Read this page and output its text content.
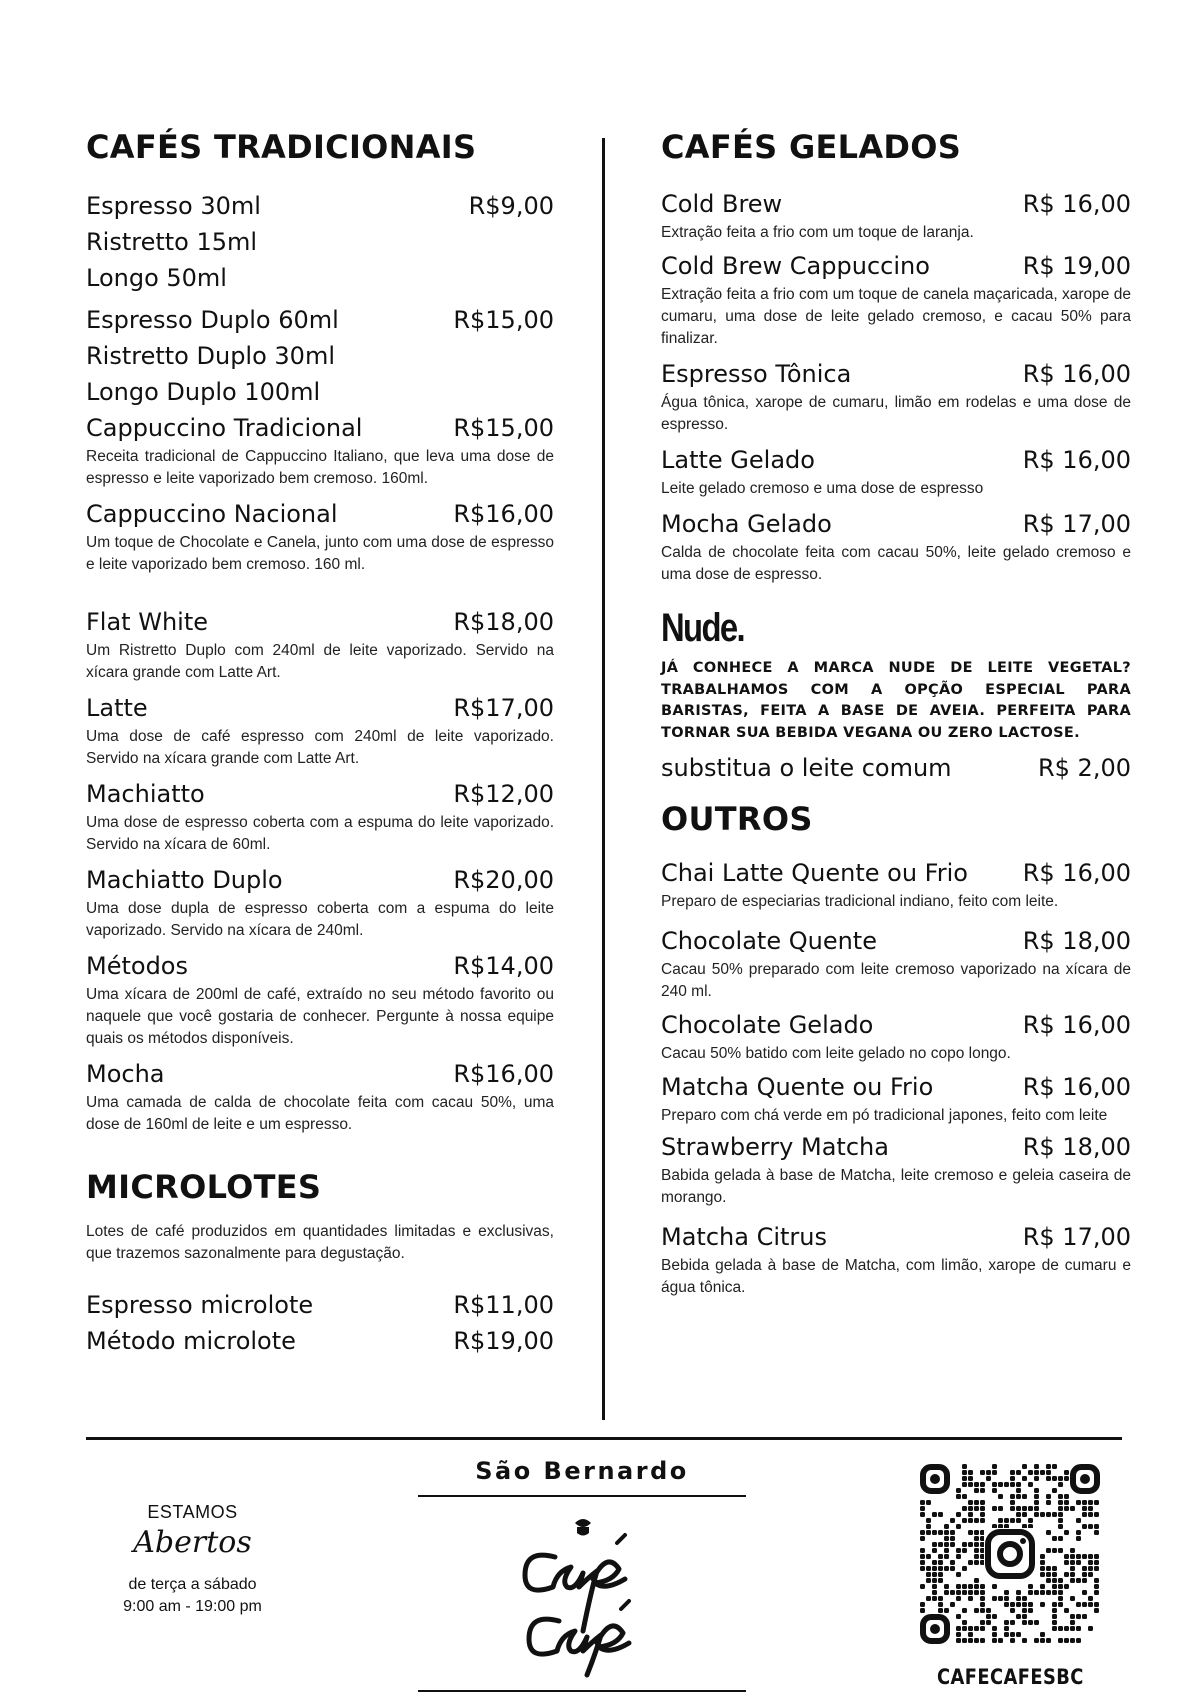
CAFÉS TRADICIONAIS
Espresso 30ml	R$9,00
Ristretto 15ml
Longo 50ml
Espresso Duplo 60ml	R$15,00
Ristretto Duplo 30ml
Longo Duplo 100ml
Cappuccino Tradicional	R$15,00

Receita tradicional de Cappuccino Italiano, que leva uma dose de espresso e leite vaporizado bem cremoso. 160ml.

Cappuccino Nacional	R$16,00

Um toque de Chocolate e Canela, junto com uma dose de espresso e leite vaporizado bem cremoso. 160 ml.

Flat White	R$18,00

Um Ristretto Duplo com 240ml de leite vaporizado. Servido na xícara grande com Latte Art.

Latte	R$17,00

Uma dose de café espresso com 240ml de leite vaporizado. Servido na xícara grande com Latte Art.

Machiatto	R$12,00

Uma dose de espresso coberta com a espuma do leite vaporizado. Servido na xícara de 60ml.

Machiatto Duplo	R$20,00

Uma dose dupla de espresso coberta com a espuma do leite vaporizado. Servido na xícara de 240ml.

Métodos	R$14,00

Uma xícara de 200ml de café, extraído no seu método favorito ou naquele que você gostaria de conhecer. Pergunte à nossa equipe quais os métodos disponíveis.

Mocha	R$16,00

Uma camada de calda de chocolate feita com cacau 50%, uma dose de 160ml de leite e um espresso.

MICROLOTES

Lotes de café produzidos em quantidades limitadas e exclusivas, que trazemos sazonalmente para degustação.

Espresso microlote	R$11,00
Método microlote	R$19,00
CAFÉS GELADOS
Cold Brew	R$ 16,00

Extração feita a frio com um toque de laranja.

Cold Brew Cappuccino	R$ 19,00

Extração feita a frio com um toque de canela maçaricada, xarope de cumaru, uma dose de leite gelado cremoso, e cacau 50% para finalizar.

Espresso Tônica	R$ 16,00

Água tônica, xarope de cumaru, limão em rodelas e uma dose de espresso.

Latte Gelado	R$ 16,00

Leite gelado cremoso e uma dose de espresso

Mocha Gelado	R$ 17,00

Calda de chocolate feita com cacau 50%, leite gelado cremoso e uma dose de espresso.

Nude.

JÁ CONHECE A MARCA NUDE DE LEITE VEGETAL? TRABALHAMOS COM A OPÇÃO ESPECIAL PARA BARISTAS, FEITA A BASE DE AVEIA. PERFEITA PARA TORNAR SUA BEBIDA VEGANA OU ZERO LACTOSE.

substitua o leite comum	R$ 2,00
OUTROS
Chai Latte Quente ou Frio R$ 16,00

Preparo de especiarias tradicional indiano, feito com leite.

Chocolate Quente	R$ 18,00

Cacau 50% preparado com leite cremoso vaporizado na xícara de 240 ml.

Chocolate Gelado	R$ 16,00

Cacau 50% batido com leite gelado no copo longo.

Matcha Quente ou Frio	R$ 16,00

Preparo com chá verde em pó tradicional japones, feito com leite

Strawberry Matcha	R$ 18,00

Babida gelada à base de Matcha, leite cremoso e geleia caseira de morango.

Matcha Citrus	R$ 17,00

Bebida gelada à base de Matcha, com limão, xarope de cumaru e água tônica.

ESTAMOS
Abertos
de terça a sábado
9:00 am - 19:00 pm
São Bernardo
CAFECAFESBC
